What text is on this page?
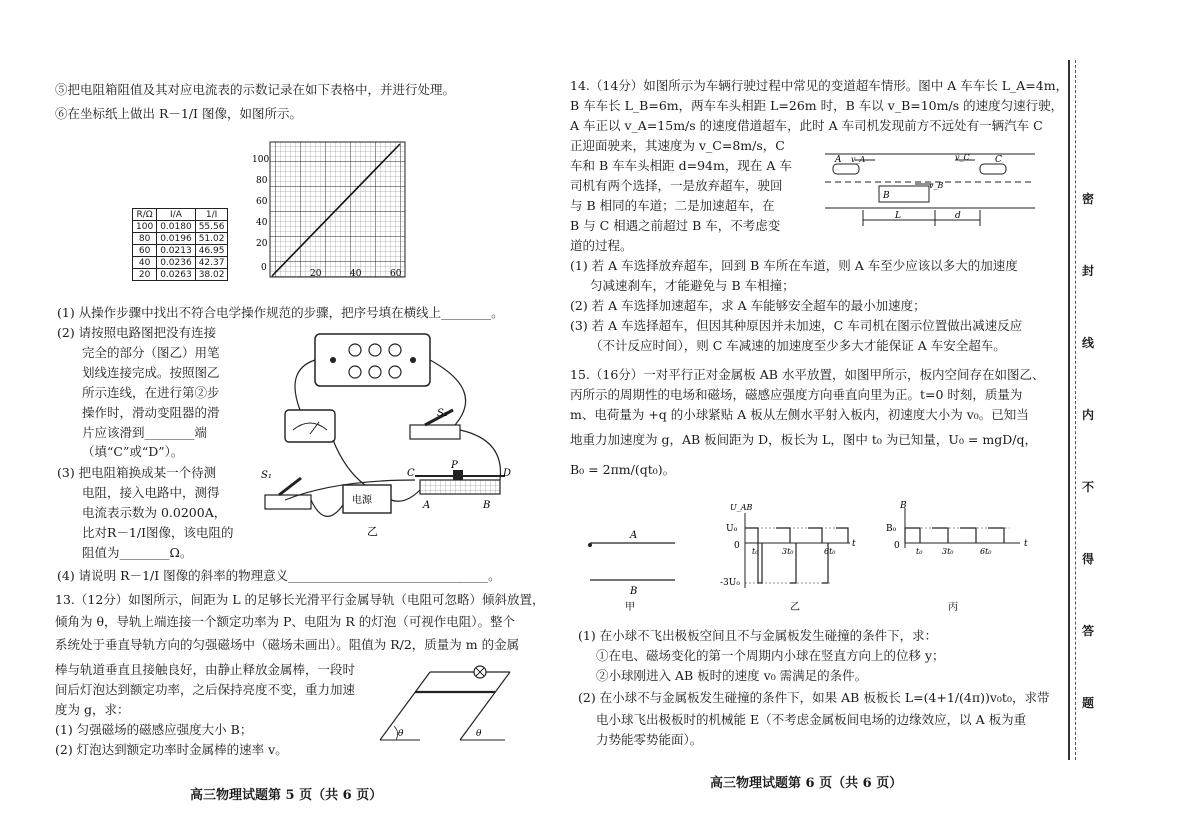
⑤把电阻箱阻值及其对应电流表的示数记录在如下表格中，并进行处理。
⑥在坐标纸上做出 R－1/I 图像，如图所示。
100
80
60
40
20
0
20	40	60
R/Ω	I/A	1/I
100	0.0180	55.56
80	0.0196	51.02
60	0.0213	46.95
40	0.0236	42.37
20	0.0263	38.02
(1) 从操作步骤中找出不符合电学操作规范的步骤，把序号填在横线上________。
(2) 请按照电路图把没有连接
完全的部分（图乙）用笔
划线连接完成。按照图乙
所示连线，在进行第②步
操作时，滑动变阻器的滑
片应该滑到________端
（填“C”或“D”）。
(3) 把电阻箱换成某一个待测
电阻，接入电路中，测得
电流表示数为 0.0200A，
比对R－1/I图像，该电阻的
阻值为________Ω。
(4) 请说明 R－1/I 图像的斜率的物理意义________________________________。
S₂
S₁
电源
C	D
P
A	B
乙
13.（12分）如图所示，间距为 L 的足够长光滑平行金属导轨（电阻可忽略）倾斜放置，
倾角为 θ，导轨上端连接一个额定功率为 P、电阻为 R 的灯泡（可视作电阻）。整个
系统处于垂直导轨方向的匀强磁场中（磁场未画出）。阻值为 R/2，质量为 m 的金属
棒与轨道垂直且接触良好，由静止释放金属棒，一段时
间后灯泡达到额定功率，之后保持亮度不变，重力加速
度为 g，求：
(1) 匀强磁场的磁感应强度大小 B；
(2) 灯泡达到额定功率时金属棒的速率 v。
θ	θ
高三物理试题第 5 页（共 6 页）
14.（14分）如图所示为车辆行驶过程中常见的变道超车情形。图中 A 车车长 L_A=4m，
B 车车长 L_B=6m，两车车头相距 L=26m 时，B 车以 v_B=10m/s 的速度匀速行驶，
A 车正以 v_A=15m/s 的速度借道超车，此时 A 车司机发现前方不远处有一辆汽车 C
正迎面驶来，其速度为 v_C=8m/s，C
车和 B 车车头相距 d=94m，现在 A 车
司机有两个选择，一是放弃超车，驶回
与 B 相同的车道；二是加速超车，在
B 与 C 相遇之前超过 B 车，不考虑变
道的过程。
(1) 若 A 车选择放弃超车，回到 B 车所在车道，则 A 车至少应该以多大的加速度
匀减速刹车，才能避免与 B 车相撞；
(2) 若 A 车选择加速超车，求 A 车能够安全超车的最小加速度；
(3) 若 A 车选择超车，但因其种原因并未加速，C 车司机在图示位置做出减速反应
（不计反应时间），则 C 车减速的加速度至少多大才能保证 A 车安全超车。
A v_A	C
v_C
B
v_B
L	d
15.（16分）一对平行正对金属板 AB 水平放置，如图甲所示，板内空间存在如图乙、
丙所示的周期性的电场和磁场，磁感应强度方向垂直向里为正。t=0 时刻，质量为
m、电荷量为 +q 的小球紧贴 A 板从左侧水平射入板内，初速度大小为 v₀。已知当
地重力加速度为 g，AB 板间距为 D，板长为 L，图中 t₀ 为已知量，U₀ = mgD/q，
B₀ = 2πm/(qt₀)。
A
B
甲
U_AB
U₀
0
-3U₀
t₀	3t₀	6t₀
t
乙
B
B₀
0
t₀ 3t₀	6t₀
t
丙
(1) 在小球不飞出极板空间且不与金属板发生碰撞的条件下，求：
①在电、磁场变化的第一个周期内小球在竖直方向上的位移 y；
②小球刚进入 AB 板时的速度 v₀ 需满足的条件。
(2) 在小球不与金属板发生碰撞的条件下，如果 AB 板板长 L=(4+1/(4π))v₀t₀，求带
电小球飞出极板时的机械能 E（不考虑金属板间电场的边缘效应，以 A 板为重
力势能零势能面）。
高三物理试题第 6 页（共 6 页）
密
封
线
内
不
得
答
题
